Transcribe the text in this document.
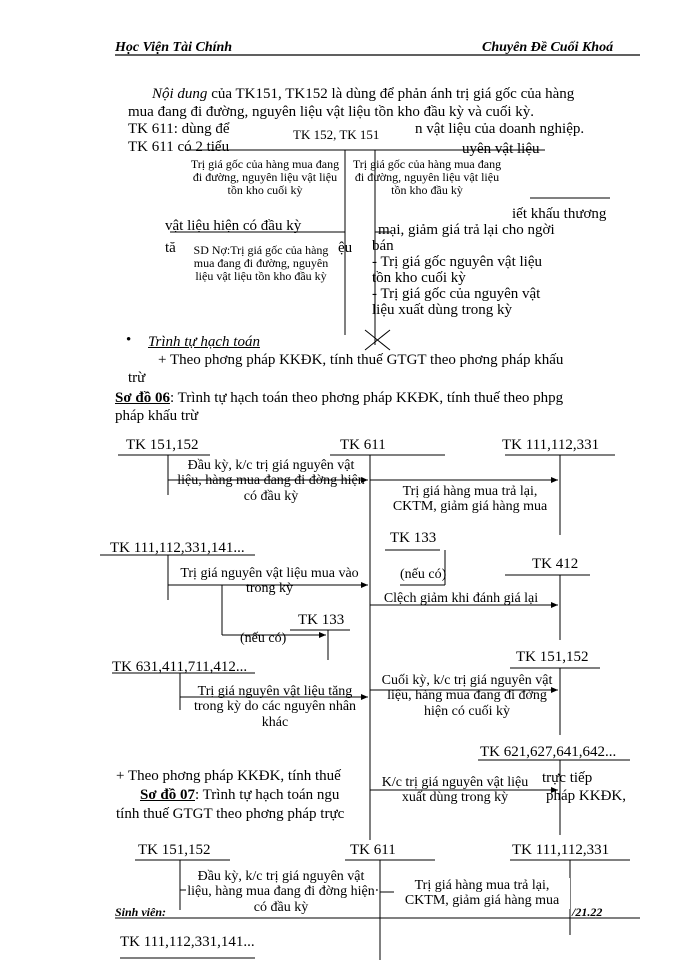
Học Viện Tài Chính	Chuyên Đề Cuối Khoá
Nội dung của TK151, TK152 là dùng để phản ánh trị giá gốc của hàng
mua đang đi đường, nguyên liệu vật liệu tồn kho đầu kỳ và cuối kỳ.
TK 611: dùng để	n vật liệu của doanh nghiệp.
TK 611 có 2 tiểu	uyên vật liệu
TK 152, TK 151
Trị giá gốc của hàng mua đang đi đường, nguyên liệu vật liệu tồn kho cuối kỳ
Trị giá gốc của hàng mua đang đi đường, nguyên liệu vật liệu tồn kho đầu kỳ
SD Nợ:Trị giá gốc của hàng mua đang đi đường, nguyên liệu vật liệu tồn kho đầu kỳ
vật liệu hiện có đầu kỳ
tă	ệu
iết khấu thương
mại, giảm giá trả lại cho ngời
bán
- Trị giá gốc nguyên vật liệu
tồn kho cuối kỳ
- Trị giá gốc của nguyên vật
liệu xuất dùng trong kỳ
• Trình tự hạch toán
+ Theo phơng pháp KKĐK, tính thuế GTGT theo phơng pháp khấu
trừ
Sơ đồ 06: Trình tự hạch toán theo phơng pháp KKĐK, tính thuế theo phpg
pháp khấu trừ
TK 151,152	TK 611	TK 111,112,331
Đầu kỳ, k/c trị giá nguyên vật liệu, hàng mua đang đi đờng hiện có đầu kỳ	Trị giá hàng mua trả lại, CKTM, giảm giá hàng mua
TK 133
(nếu có)
TK 111,112,331,141...
Trị giá nguyên vật liệu mua vào trong kỳ
TK 412
Clệch giảm khi đánh giá lại
TK 133
(nếu có)
TK 631,411,711,412...
TK 151,152
Trị giá nguyên vật liệu tăng trong kỳ do các nguyên nhân khác
Cuối kỳ, k/c trị giá nguyên vật liệu, hàng mua đang đi đờng hiện có cuối kỳ
TK 621,627,641,642...
K/c trị giá nguyên vật liệu xuất dùng trong kỳ
+ Theo phơng pháp KKĐK, tính thuế	trực tiếp
Sơ đồ 07: Trình tự hạch toán ngu	pháp KKĐK,
tính thuế GTGT theo phơng pháp trực
TK 151,152	TK 611	TK 111,112,331
Đầu kỳ, k/c trị giá nguyên vật liệu, hàng mua đang đi đờng hiện có đầu kỳ
Trị giá hàng mua trả lại, CKTM, giảm giá hàng mua
TK 111,112,331,141...
Sinh viên:	/21.22
